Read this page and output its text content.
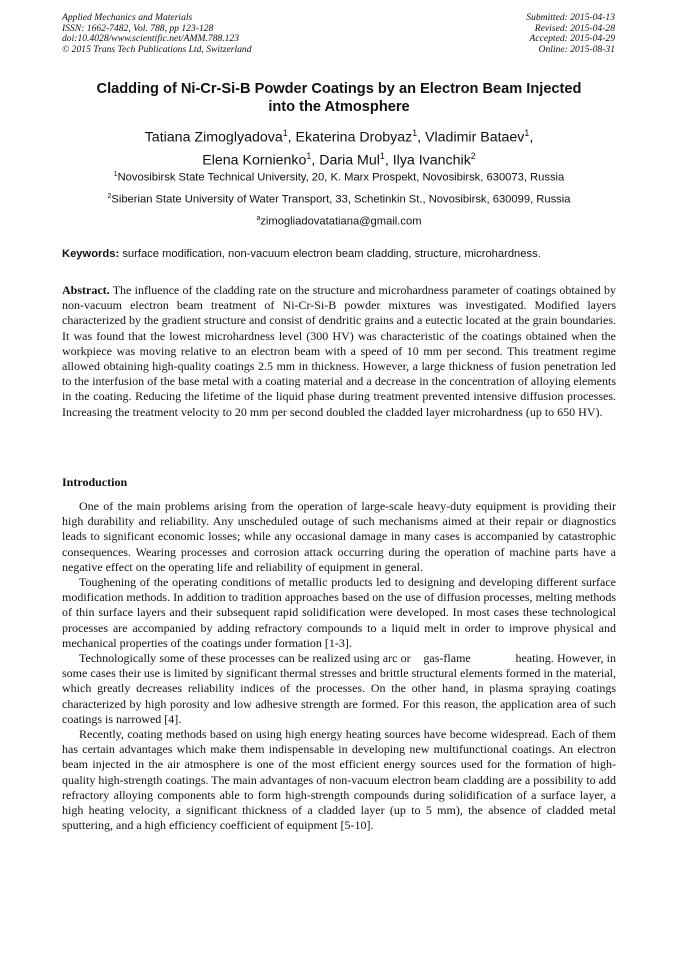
Applied Mechanics and Materials
ISSN: 1662-7482, Vol. 788, pp 123-128
doi:10.4028/www.scientific.net/AMM.788.123
© 2015 Trans Tech Publications Ltd, Switzerland
Submitted: 2015-04-13
Revised: 2015-04-28
Accepted: 2015-04-29
Online: 2015-08-31
Cladding of Ni-Cr-Si-B Powder Coatings by an Electron Beam Injected
into the Atmosphere
Tatiana Zimoglyadova$^1$, Ekaterina Drobyaz$^1$, Vladimir Bataev$^1$,
Elena Kornienko$^1$, Daria Mul$^1$, Ilya Ivanchik$^2$
$^1$Novosibirsk State Technical University, 20, K. Marx Prospekt, Novosibirsk, 630073, Russia
$^2$Siberian State University of Water Transport, 33, Schetinkin St., Novosibirsk, 630099, Russia
$^a$zimogliadovatatiana@gmail.com
Keywords: surface modification, non-vacuum electron beam cladding, structure, microhardness.

Abstract. The influence of the cladding rate on the structure and microhardness parameter of coatings obtained by non-vacuum electron beam treatment of Ni-Cr-Si-B powder mixtures was investigated. Modified layers characterized by the gradient structure and consist of dendritic grains and a eutectic located at the grain boundaries. It was found that the lowest microhardness level (300 HV) was characteristic of the coatings obtained when the workpiece was moving relative to an electron beam with a speed of 10 mm per second. This treatment regime allowed obtaining high-quality coatings 2.5 mm in thickness. However, a large thickness of fusion penetration led to the interfusion of the base metal with a coating material and a decrease in the concentration of alloying elements in the coating. Reducing the lifetime of the liquid phase during treatment prevented intensive diffusion processes. Increasing the treatment velocity to 20 mm per second doubled the cladded layer microhardness (up to 650 HV).

Introduction

One of the main problems arising from the operation of large-scale heavy-duty equipment is providing their high durability and reliability. Any unscheduled outage of such mechanisms aimed at their repair or diagnostics leads to significant economic losses; while any occasional damage in many cases is accompanied by catastrophic consequences. Wearing processes and corrosion attack occurring during the operation of machine parts have a negative effect on the operating life and reliability of equipment in general.

Toughening of the operating conditions of metallic products led to designing and developing different surface modification methods. In addition to tradition approaches based on the use of diffusion processes, melting methods of thin surface layers and their subsequent rapid solidification were developed. In most cases these technological processes are accompanied by adding refractory compounds to a liquid melt in order to improve physical and mechanical properties of the coatings under formation [1-3].

Technologically some of these processes can be realized using arc or    gas-flame              heating. However, in some cases their use is limited by significant thermal stresses and brittle structural elements formed in the material, which greatly decreases reliability indices of the processes. On the other hand, in plasma spraying coatings characterized by high porosity and low adhesive strength are formed. For this reason, the application area of such coatings is narrowed [4].

Recently, coating methods based on using high energy heating sources have become widespread. Each of them has certain advantages which make them indispensable in developing new multifunctional coatings. An electron beam injected in the air atmosphere is one of the most efficient energy sources used for the formation of high-quality high-strength coatings. The main advantages of non-vacuum electron beam cladding are a possibility to add refractory alloying components able to form high-strength compounds during solidification of a surface layer, a high heating velocity, a significant thickness of a cladded layer (up to 5 mm), the absence of cladded metal sputtering, and a high efficiency coefficient of equipment [5-10].
